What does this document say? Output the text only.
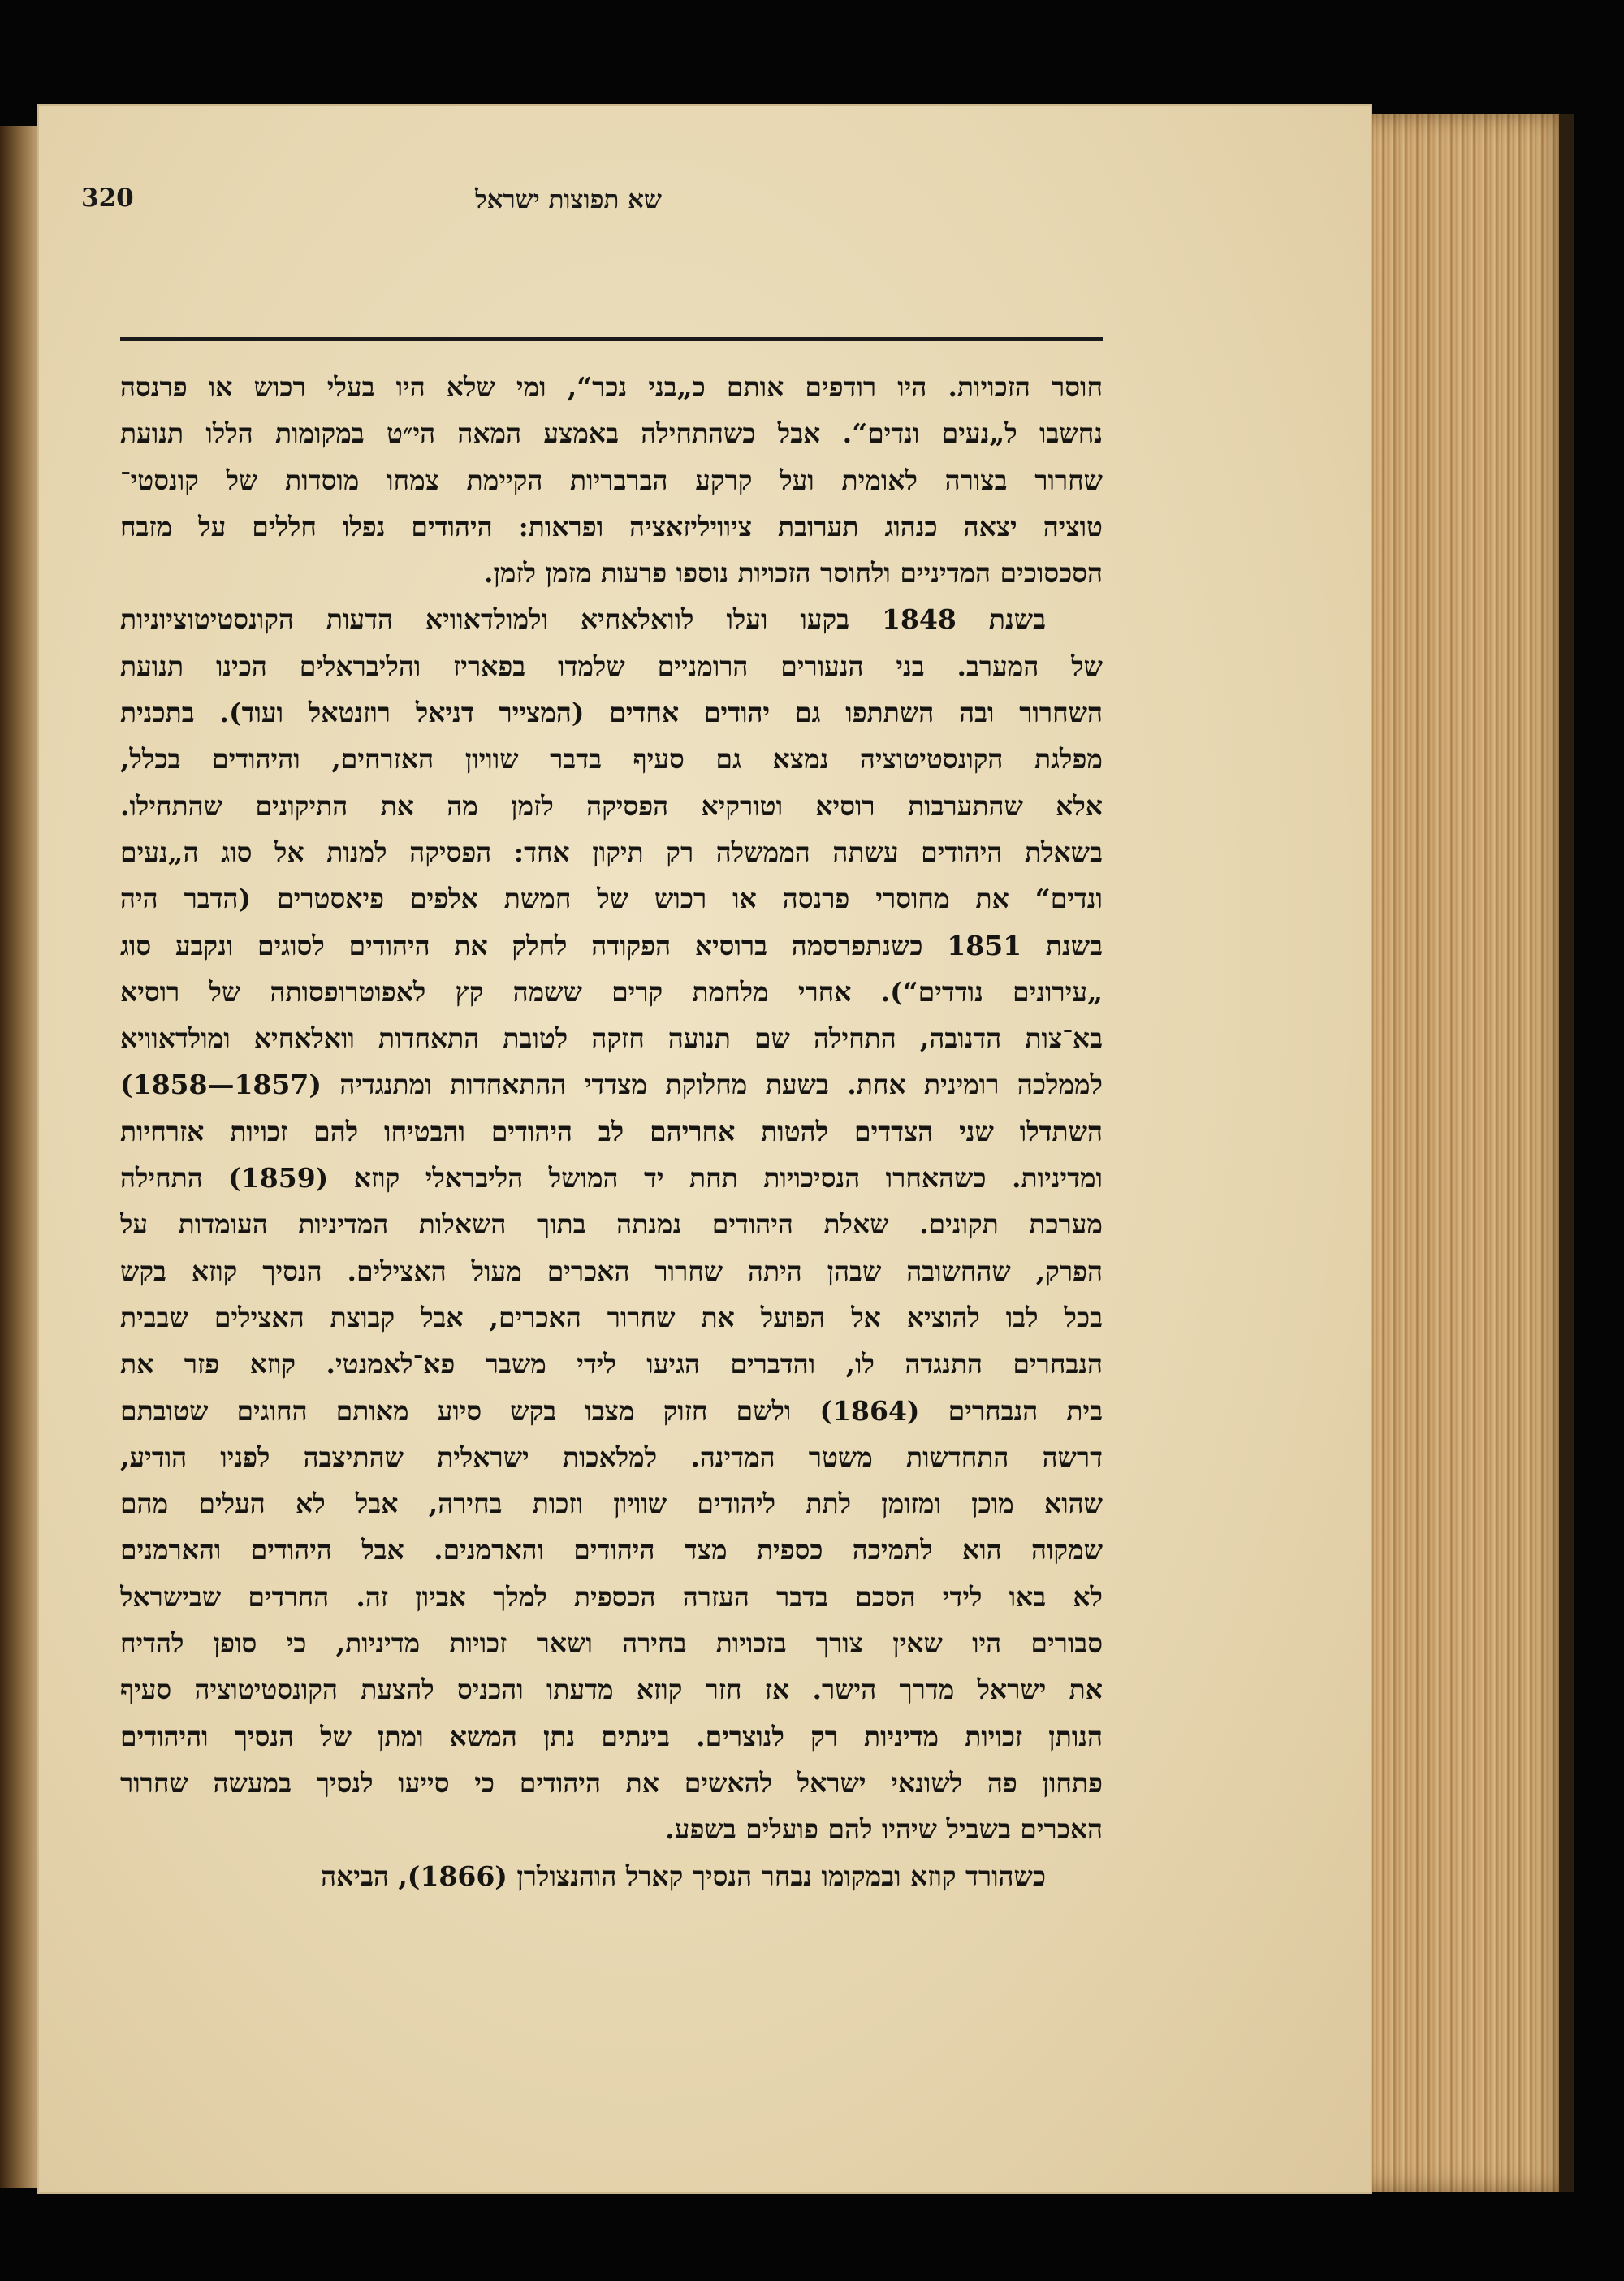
שא תפוצות ישראל
320
חוסר הזכויות. היו רודפים אותם כ„בני נכר“, ומי שלא היו בעלי רכוש או פרנסה
נחשבו ל„נעים ונדים“. אבל כשהתחילה באמצע המאה הי״ט במקומות הללו תנועת
שחרור בצורה לאומית ועל קרקע הברבריות הקיימת צמחו מוסדות של קונסטי־
טוציה יצאה כנהוג תערובת ציוויליזאציה ופראות: היהודים נפלו חללים על מזבח
הסכסוכים המדיניים ולחוסר הזכויות נוספו פרעות מזמן לזמן.
בשנת 1848 בקעו ועלו לוואלאחיא ולמולדאוויא הדעות הקונסטיטוציוניות
של המערב. בני הנעורים הרומניים שלמדו בפאריז והליבראלים הכינו תנועת
השחרור ובה השתתפו גם יהודים אחדים (המצייר דניאל רוזנטאל ועוד). בתכנית
מפלגת הקונסטיטוציה נמצא גם סעיף בדבר שוויון האזרחים, והיהודים בכלל,
אלא שהתערבות רוסיא וטורקיא הפסיקה לזמן מה את התיקונים שהתחילו.
בשאלת היהודים עשתה הממשלה רק תיקון אחד: הפסיקה למנות אל סוג ה„נעים
ונדים“ את מחוסרי פרנסה או רכוש של חמשת אלפים פיאסטרים (הדבר היה
בשנת 1851 כשנתפרסמה ברוסיא הפקודה לחלק את היהודים לסוגים ונקבע סוג
„עירונים נודדים“). אחרי מלחמת קרים ששמה קץ לאפוטרופסותה של רוסיא
בא־צות הדנובה, התחילה שם תנועה חזקה לטובת התאחדות וואלאחיא ומולדאוויא
לממלכה רומינית אחת. בשעת מחלוקת מצדדי ההתאחדות ומתנגדיה (1857—1858)
השתדלו שני הצדדים להטות אחריהם לב היהודים והבטיחו להם זכויות אזרחיות
ומדיניות. כשהאחרו הנסיכויות תחת יד המושל הליבראלי קוזא (1859) התחילה
מערכת תקונים. שאלת היהודים נמנתה בתוך השאלות המדיניות העומדות על
הפרק, שהחשובה שבהן היתה שחרור האכרים מעול האצילים. הנסיך קוזא בקש
בכל לבו להוציא אל הפועל את שחרור האכרים, אבל קבוצת האצילים שבבית
הנבחרים התנגדה לו, והדברים הגיעו לידי משבר פא־לאמנטי. קוזא פזר את
בית הנבחרים (1864) ולשם חזוק מצבו בקש סיוע מאותם החוגים שטובתם
דרשה התחדשות משטר המדינה. למלאכות ישראלית שהתיצבה לפניו הודיע,
שהוא מוכן ומזומן לתת ליהודים שוויון וזכות בחירה, אבל לא העלים מהם
שמקוה הוא לתמיכה כספית מצד היהודים והארמנים. אבל היהודים והארמנים
לא באו לידי הסכם בדבר העזרה הכספית למלך אביון זה. החרדים שבישראל
סבורים היו שאין צורך בזכויות בחירה ושאר זכויות מדיניות, כי סופן להדיח
את ישראל מדרך הישר. אז חזר קוזא מדעתו והכניס להצעת הקונסטיטוציה סעיף
הנותן זכויות מדיניות רק לנוצרים. בינתים נתן המשא ומתן של הנסיך והיהודים
פתחון פה לשונאי ישראל להאשים את היהודים כי סייעו לנסיך במעשה שחרור
האכרים בשביל שיהיו להם פועלים בשפע.
כשהורד קוזא ובמקומו נבחר הנסיך קארל הוהנצולרן (1866), הביאה
